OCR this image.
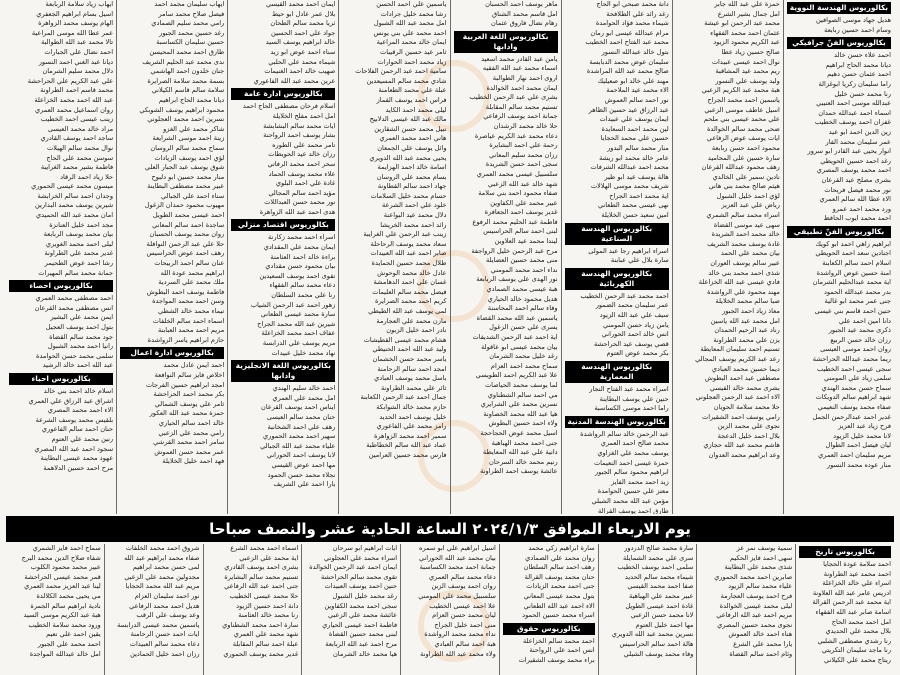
بكالوريوس الهندسة النووية
هديل جهاد موسى الصوافين
وسام احمد حسين ربابعة
بكالوريوس الفنّ جرافيكي
احمد علاء حسن خالد
ديانا محمد الحاج ابراهيم
احمد عثمان حسن دهيم
راما سليمان زكريا ابوغزالة
رنا محمد حسن خليل
عبدالله موسى احمد العتيبي
اسماء احمد عبدالله حمدان
غفران احمد يوسف الخطيب
زين الدين احمد ابو عيد
عمر سليمان محمد الفار
انوار يحيى عبد القادر ابو سرور
رغد احمد حسين الحويطي
احمد محمد يوسف المصري
بشرى مصلح عيد القرعان
نور محمد فيصل فريحات
الاء عطا الله سالم العمري
ورد محمد احمد عمرو
احمد محمد ايوب الحافظ
بكالوريوس الفنّ تطبيقي
ابراهيم زاهي احمد ابو كويك
اجنادين سعد احمد الحويطي
اسلام احمد سالم الكعابنة
امنة حسين عوض الرواشدة
اية محمد عبدالحليم الشرمان
بدر محمد عبدالله الحمود
جنى عمر محمد ابو غالية
حنين احمد قاسم بني عيسى
دانا امين احمد علي
ذكرى محمد عيد الجبور
رزان خالد حسن الربيع
روان احمد موسى العيسى
ريما محمد عبدالله الحراحشة
سجى عيسى احمد الخطيب
سلمى زياد علي المومني
سماح حسن محمد الهندي
شهد ابراهيم سالم الدويكات
صفاء محمد يوسف النعيمي
غدير احمد عبدالرحمن الجمل
فرح زياد عبد العزيز
لانا محمد خليل الزيود
ليان فيصل احمد الطوال
مريم سليمان احمد العمري
منار عوده محمد النسور
حمزة علي عبد الله جابر
امل جمال بشير الشرع
محمد عبد الرحمن ابو عيشة
عثمان احمد محمد الفقهاء
عبد الكريم محمود الزيود
صالح حسين زياد عطا
نوال احمد عيسى عبيدات
ريم محمد عيد المشاقبة
وليد يوسف علي النسور
هبة محمد عبد الكريم الزعبي
ياسمين احمد محمد الجراح
اسيل عاطف موسى الزعبي
علي محمد عيسى بني ملحم
ضحى محمد سالم الخوالدة
ايات يوسف عوض الرفاعي
محمود احمد حسن ربابعة
سارة حسين علي المحاميد
رهف محمود عبدالله القرعان
نادين سمير علي الخالدي
هيثم صالح محمد بني هاني
لؤي احمد خليل الشبول
رياض علي عبد العزيز
اسراء محمد سالم الشمري
سهى عيد موسى القضاة
خالد محمد احمد الشريدة
غادة يوسف محمد الشريف
بيان محمد علي الحمد
عبير سالم يوسف العوران
شذى احمد محمد بني خالد
فادي عيسى عبد الله الخزاعلة
مهند محمود علي الرواشدة
صبا سالم محمد الخلايلة
معاذ زياد احمد الجبور
امل محمد عبد الله ياسين
رناد عبد الرحيم الحمدان
يزن علي محمد الطراونة
تسنيم احمد سليمان المعايطة
رعد عبد الكريم يوسف المجالي
ديما حسين محمد العبادي
مصطفى عيد احمد البطوش
بشرى محمد خالد القيسي
الاء احمد عبد الرحمن العجلوني
حلا محمد سلامة الحويان
رامي يوسف احمد الشقيرات
نجوى علي محمد الزبن
بلال احمد خليل الدعجة
هاشم محمد عبد الله حجازي
وعد ابراهيم محمد العدوان
دانة محمد صبحي ابو الحاج
رغد رائد علي الطلافحة
شيماء محمد فؤاد الحوامدة
مرام عبدالله عيسى ابو رمان
محمد عبد الفتاح احمد الخطيب
بتول خالد عبدالله النسور
سليمان عوض محمد الدبابسة
صالح محمد عبد الله المراشدة
مهند علي خالد ابو صعيليك
الاء محمد عيد الملاحمة
نور احمد سالم العموش
عبد الرزاق عيد حسين الظاهر
ايمان يوسف علي عبيدات
لين محمد احمد السعايدة
حسين علي محمد الحجايا
منار محمد سالم البدور
عامر خالد محمد ابو ريشة
محمد احمد عبدالله الشرفات
هالة يوسف عيد ابو طير
شريف محمد موسى الهلالات
اية محمد احمد الجراح
نهى عيسى محمد الطعاني
امين سعيد حسن الخلايلة
بكالوريوس الهندسة الصناعية
اسراء ابراهيم رجا عبد المولى
سارة بلال علي عبابنة
بكالوريوس الهندسة الكهربائية
احمد محمد عبد الرحمن الخطيب
عمر سليمان محمد الضمور
سيف علي عبد الله الزيود
يامن زياد حسن المومني
انس خالد احمد الحوراني
قصي يوسف عيد الحراحشة
بكر محمد عوض العتوم
بكالوريوس الهندسة المعمارية
اسراء محمد عبد الفتاح النجار
حنين علي يوسف البطاينة
راما احمد موسى الكساسبة
بكالوريوس الهندسة المدنية
عبد الرحمن خالد سالم الرواشدة
محمد صالح احمد العمري
يوسف محمد علي الغزاوي
حمزة عيسى احمد النعيمات
ابراهيم محمود سالم الجبور
زيد احمد محمد الفايز
معتز علي حسين الحوامدة
مؤمن عبد الله محمد الشبلي
طارق احمد يوسف القرالة
ماهر يوسف احمد الحسبان
امل قاسم محمد الشناق
رهام نضال فاروق عثمان
بكالوريوس اللغة العربية وادابها
يامن عبد القادر محمد اسعيد
اسماء محمد عبد الله الفقيه
اروى احمد نهار الطوالبة
ايمان محمد احمد الخوالدة
بشرى علي عبد الرحمن الخطيب
تسنيم محمد سالم المقابلة
جمانة احمد يوسف الرفاعي
حلا خالد محمد الرشدان
دعاء محمد عبد الكريم عياصرة
رحمة علي احمد البشايرة
رزان محمد سليم المعاني
سجى احمد حسن الشريدة
سلسبيل عيسى محمد العمري
شهد خالد عبد الله الزعبي
صفاء محمود احمد بني سلامة
عبير محمد علي الكفاوين
غدير يوسف احمد الجعافرة
فاطمة عبد الحليم محمد الرفوع
لبنى احمد سالم الحراسيس
ليندا محمد عيد العلاوين
مرح عبد الرحمن خليل الرواجفة
منى محمد حسين العضايلة
نداء احمد محمد المومني
نور الهدى علي يوسف الربابعة
هبة عيسى محمد الصمادي
هديل محمود خالد الحياري
وفاء سالم احمد المحاسنة
ياسمين عبد الله محمد القضاة
يسرى علي حسن الزغول
اية احمد عبد الرحمن الشديفات
بيان محمد عيسى ابو عاقولة
رغد خليل محمد الشرمان
سماح محمد احمد العزام
علا عبد الكريم احمد الطويسي
لما يوسف محمد الحياصات
مي احمد سالم الشطناوي
نسرين محمد علي الشرايري
هيا عبد الله محمد الخصاونة
ولاء احمد حسين البطوش
اسيل محمد عوض الحجاحجة
جنى احمد محمد الهباهبة
دانية علي عبد الله المعايطة
رنيم محمد خالد السرحان
عائشة يوسف احمد الطراونة
ياسمين علي احمد الحسن
رشا محمد خليل جرادات
امل محمد عبد الله الشبول
احمد محمد علي بني يونس
ايمان خالد محمد المراعية
ثامر عيد حسين الرقيبات
زياد محمد احمد الحوارات
سامية احمد عبد الرحمن الفلاحات
شادي محمد سالم المسيعدين
عبلة علي محمد الطعامنة
فراس احمد يوسف القماز
ليلى محمد احمد الكايد
مالك عبد الله عيسى الدلابيح
نبيل محمد حسن الشقارين
هاني احمد محمد العمري
وائل يوسف علي الجمعان
يحيى محمد عبد الله الدويري
اسامة خالد احمد الهزايمة
بسام محمد علي الروسان
جهاد احمد سالم القطاونة
حسام محمد خليل السلامات
خلود علي احمد الشرعة
دلال محمد عيد البواعنة
رائد احمد محمد الخريشا
زينب عبد الرحمن علي الغرايبة
سعاد محمد يوسف الرحاحلة
صابر احمد عبد الله العبيدات
طلال محمد حسين الحمايدة
عادل خالد محمد الوحوش
غسان علي احمد الدهامشة
فيصل محمد سالم العليمات
كريم احمد محمد الصرايرة
لمى يوسف عبد الله الطيطي
مازن محمد علي العجارمة
نادر احمد خليل الزبون
هشام محمد عيسى القطيشات
وليد عبد الله احمد الحنيطي
ياسر محمد حسن الخشمان
امجد احمد سالم الرحامنة
باسل محمد يوسف العبادي
ثائر علي محمد الطراونة
جمال احمد عبد الرحمن الكعابنة
حازم محمد خالد الشوابكة
خليل يوسف احمد الحديد
رامز محمد علي الفاعوري
سمير احمد محمد الزواهرة
عماد عبد الله سالم الخطاطبة
فارس محمد حسين العرامين
ايمان احمد محمد القيسي
بلال عمر عادل ابو حيط
ثريا محمد سالم الطحان
جواد علي احمد الحسين
خالد ابراهيم يوسف السيد
سناء احمد عوض ابو زيد
شيماء محمد علي الحلبي
صهيب خالد احمد الغنيمات
عرين محمد عبد الله الفاعوري
بكالوريوس ادارة عامة
اسلام فرحان مصطفى الحاج احمد
امل احمد مفلح الخلايلة
ايات محمد سالم البشابشة
بشار يوسف احمد الرواحنة
تامر محمد علي الطوره
رزان خالد عيد الحويطات
سحر احمد محمد الرفاتي
علاء محمد يوسف الحماد
غادة علي احمد البلوي
مؤيد احمد سالم المجالي
نور محمد حسن العبداللات
هدى احمد عبد الله الزواهرة
بكالوريوس اقتصاد منزلي
اسراء احمد محمد زكارنة
ايمان محمد علي المقدادي
براءة خالد احمد العثامنة
بيان محمود حسن مقدادي
تقوى احمد يوسف السعيدين
دعاء محمد سالم الفقهاء
رنا علي محمد السلطان
زهور احمد عبد الرحمن الشياب
سارة محمد عيسى الطعاني
شيرين عبد الله محمد الجراح
عفاف احمد محمد الخزاعلة
مريم يوسف علي الدرابسة
نهاد محمد خليل عبيدات
بكالوريوس اللغة الانجليزية وادابها
احمد خالد سليم الهندي
امل محمد علي العمري
ايناس احمد يوسف القرعان
حنان محمد سالم العيسى
رهف علي احمد الشخانبة
سهير احمد محمد الحموري
علياء محمد عبد الله الجبالي
لانا يوسف احمد الحوراني
مها احمد عوض القيسي
نجلاء محمد حسن الحمود
يارا احمد علي الشريف
ايهاب سليمان محمد احمد
فيصل صلاح محمد سامر
رامي محمد سليم الصمادي
رغد حسين محمد الجبور
حسين سليمان الكساسبة
طارق احمد محمد المحيسن
ندى محمد عبد الحليم الشريف
جنان خلدون احمد الهاشمي
بسمة محمد سلامة الصرايرة
سلامة سالم قاسم الكيلاني
ديانا محمد الحاج ابراهيم
محمود ابراهيم يوسف الشوبكي
نسرين احمد محمد العجلوني
شاكر محمد علي الغزو
زينة احمد موسى الشرايعة
سماح محمد سالم الروسان
لؤي احمد يوسف الزيادات
شوق يوسف عبد الجبار العلي
منار محمد حسين ابو دلبوح
عبير محمد مصطفى البطاينة
سناء احمد علي الجبالي
مهيوب محمود حمدان الزغول
احمد عيسى محمد الطويل
ساجدة احمد سالم المعاني
روان محمد يوسف الحسبان
حلا علي عبد الرحمن النوافلة
رهف احمد عوض الحراسيس
عنان سالم احمد الربيحات
ابراهيم محمد عودة الله
ملك محمد علي السردية
فاطمة يوسف احمد البطوش
وسن احمد محمد المواجدة
تيماء محمد خالد الشطي
اسماء احمد سالم الخلفات
مريم احمد محمد العبابنة
حازم ابراهيم ياسر الرواشدة
بكالوريوس ادارة اعمال
احمد ايمن عادل محمد
اخلاص فايز سالم النوافعة
امجد ابراهيم حسين الفرجات
بكر محمد احمد الحراحشة
ثامر علي يوسف الشمالي
حمزة محمد عبد الله العكور
خالد احمد سالم الحياري
رامي محمد علي الزعبي
سامر احمد محمد القرشي
عمر محمد حسن العموش
فهد احمد خليل الخلايلة
ايهاب زياد سلامة الربابعة
اسيل بسام ابراهيم الجعفري
الهام يوسف محمد الزواهرة
عمر عطا الله موسى المراعية
تالا محمد عبد الله الطوالبة
احمد نضال علي الجبارات
ديانا عبد الغني احمد النسور
دلال محمد سليم الشرمان
علي عبد الكريم علي الحراحشة
محمد قاسم احمد الطراونة
عبد الله احمد محمد الخزاعلة
روان اسماعيل محمد العمري
زينب عيسى احمد الخطيب
مراد خالد محمد العيسى
ساجد احمد يوسف القادري
نوال محمد سالم الهيلات
سوسن محمد علي الحاج
فاطمة بشير محمد الغرايبة
حلا زياد احمد الرقاد
ميسون محمد عيسى الحموري
وجدان احمد سالم الخرابشة
شيرين يوسف محمد البدارين
امان محمد عبد الله الحميدي
مجد احمد خليل العنانزة
بيان محمد يوسف الربابعة
ليلى احمد محمد الغويري
غدير محمد علي الطراونة
رشا احمد عوض الطحيمر
جمانة محمد سالم المهيرات
بكالوريوس احصاء
احمد مصطفى محمد العمري
انس مصطفى محمد القرعان
ايمن محمد علي البشير
بتول احمد يوسف العجيل
جود محمد سالم القضاة
رانيا احمد محمد الشبول
سلمى محمد حسن الحوامدة
عبد الله احمد خالد الرشيد
بكالوريوس احياء
اسلام خالد احمد بني خالد
اشراق عبد الرزاق علي العمري
الاء احمد محمد المصري
بلقيس محمد يوسف الشرعة
حنان احمد سالم الفاعوري
رنين محمد علي العتوم
سجود احمد عبد الله المصري
عهود محمد عيسى البطاينة
مرح احمد حسين الدلاهمة
يوم الاربعاء الموافق ٢٠٢٤/١/٣ الساعة الحادية عشر والنصف صباحا
بكالوريوس تاريخ
احمد سلامة عودة الحجايا
احمد محمد عيد الطراونة
اسراء علي خالد الخزاعلة
ادريس عامر عبد الله العلاونة
اية محمد عبد الرحمن القرالة
اسامة صابر عبد الله الفقهاء
امل احمد محمد الحاج
بلال محمد علي الحديدي
رنا رشدي مصطفى الشلبي
رنا ماجد سليمان التكريتي
ريتاج محمد علي الكيلاني
سمية يوسف نمر عز
سهى احمد فايز الحكيم
شذى محمد علي البطاينة
صابرين احمد محمد الحموري
علياء محمد سالم الزيود
فرح احمد يوسف العجارمة
ليلى محمد عيسى الخوالدة
مريم احمد عبد الله الرفاعي
نجوى محمد حسين المصري
هناء احمد خالد العموش
يارا محمد علي الشرع
وئام احمد سالم القضاة
سارة محمد صالح الدردور
سرى علي محمد الشمايلة
سلمى احمد يوسف الخطيب
شيماء محمد سالم الحديد
صفا احمد محمد القيسي
عبير محمد علي الهباهبة
غادة احمد عيسى الطويل
لانا محمد حسن الزعبي
مها احمد خليل العتوم
نسرين محمد عبد الله الدويري
هالة احمد سالم الحراسيس
وفاء محمد يوسف الشبلي
سارة ابراهيم زكي محمد
روان محمد علي الصمادي
رهف احمد سالم السلطان
حنان محمد يوسف القرالة
جنى احمد محمد الزيادات
بتول محمد عيسى المعاني
الاء احمد عبد الله الطعاني
اسراء محمد حسين الحمود
بكالوريوس حقوق
احمد محمد سالم الخزاعلة
انس احمد علي الرواحنة
براء محمد يوسف الشقيرات
اسيل ابراهيم علي ابو سمره
بيان محمد عبد الله الحوراني
جمانة احمد محمد الكساسبة
دعاء محمد سالم العمري
روان احمد يوسف الزبن
سلسبيل محمد علي المومني
علا احمد عيسى الخطيب
ليان محمد حسن العزام
منى احمد خليل الجراح
نداء محمد محمد الرواشدة
هبة احمد سالم العبادي
ولاء محمد عبد الله الطراونة
ايات ابراهيم ابو سرحان
اسراء محمد علي العجلوني
ايمان احمد عبد الرحمن الخوالدة
تقوى محمد سالم الحراحشة
حنين احمد يوسف العبيدات
رغد محمد خليل الشبول
سجى احمد محمد الكفاوين
عائشة محمد علي الزعبي
فاطمة احمد عيسى الحياري
لبنى محمد حسين القضاة
مرح احمد عبد الله الربابعة
هيا محمد خالد الشرمان
اسماء احمد محمد الشرع
اية محمد علي الزعبي
بشرى احمد يوسف القادري
تسنيم محمد سالم البشايرة
جنى احمد عبد الله الرفاعي
حلا محمد عيسى الخطيب
دانة احمد حسين الزيود
رنا محمد خالد العثامنة
سارة احمد محمد الشطناوي
شهد محمد علي العمري
عبلة احمد سالم المقابلة
غدير محمد يوسف الحموري
شروق احمد محمد الخلفات
صفاء محمد ابراهيم عبد الله
لمى حسن محمد ابراهيم
مجدولين محمد علي الزعبي
مريم عبد الله محمد الحجايا
نور احمد سليمان العزام
هديل احمد محمد الرفاعي
وعد يوسف علي الرقب
ياسمين محمد عيسى الدرابسة
ايات احمد حسن الرحامنة
دعاء محمد سالم العبيدات
رزان احمد خليل الحمادين
سماح احمد فايز الشمري
شفاء صلاح الدين محمد البرج
عبير محمد محمود الكلوب
قمر محمد عيسى الحراحشة
لينا عبد العزيز محمد العمري
مي يحيى محمد الكلالدة
نادية ابراهيم سالم الجمرة
هبة عبد الكريم موسى السيد
ورود محمد سلامة الخطيب
يقين احمد علي نعيم
احمد محمد علي الجبور
امل خالد عبدالله المواجدة
